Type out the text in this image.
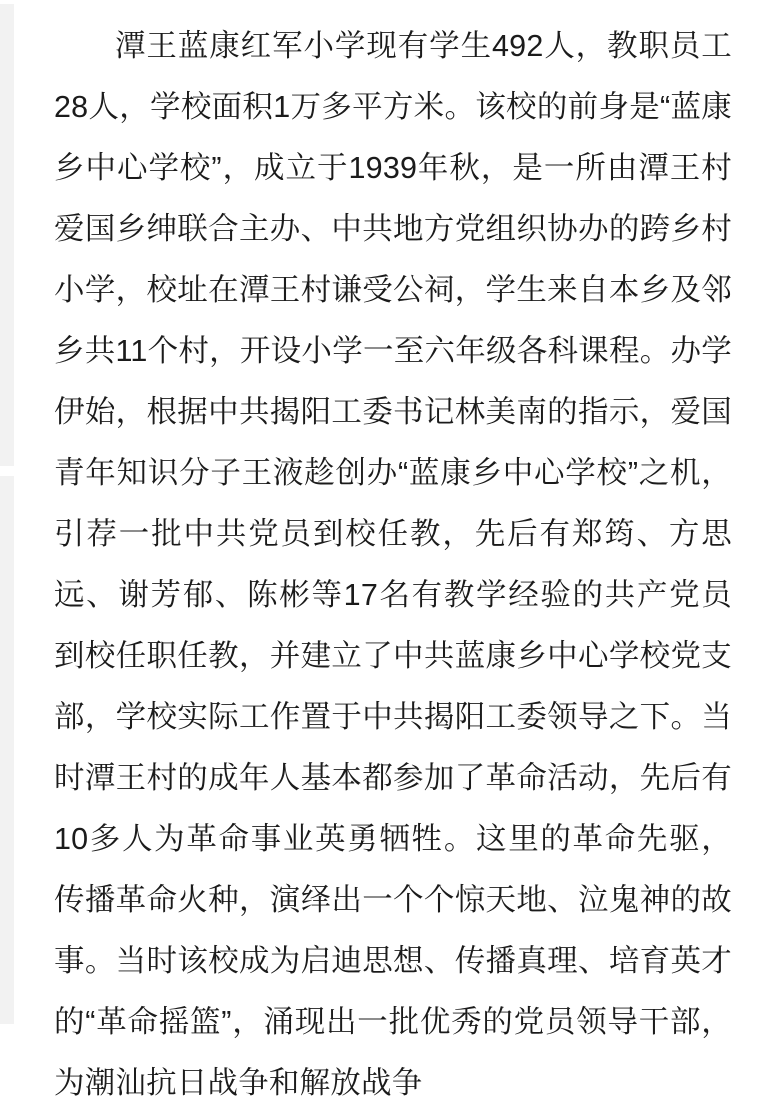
潭王蓝康红军小学现有学生492人，教职员工28人，学校面积1万多平方米。该校的前身是“蓝康乡中心学校”，成立于1939年秋，是一所由潭王村爱国乡绅联合主办、中共地方党组织协办的跨乡村小学，校址在潭王村谦受公祠，学生来自本乡及邻乡共11个村，开设小学一至六年级各科课程。办学伊始，根据中共揭阳工委书记林美南的指示，爱国青年知识分子王液趁创办“蓝康乡中心学校”之机，引荐一批中共党员到校任教，先后有郑筠、方思远、谢芳郁、陈彬等17名有教学经验的共产党员到校任职任教，并建立了中共蓝康乡中心学校党支部，学校实际工作置于中共揭阳工委领导之下。当时潭王村的成年人基本都参加了革命活动，先后有10多人为革命事业英勇牺牲。这里的革命先驱，传播革命火种，演绎出一个个惊天地、泣鬼神的故事。当时该校成为启迪思想、传播真理、培育英才的“革命摇篮”，涌现出一批优秀的党员领导干部，为潮汕抗日战争和解放战争
